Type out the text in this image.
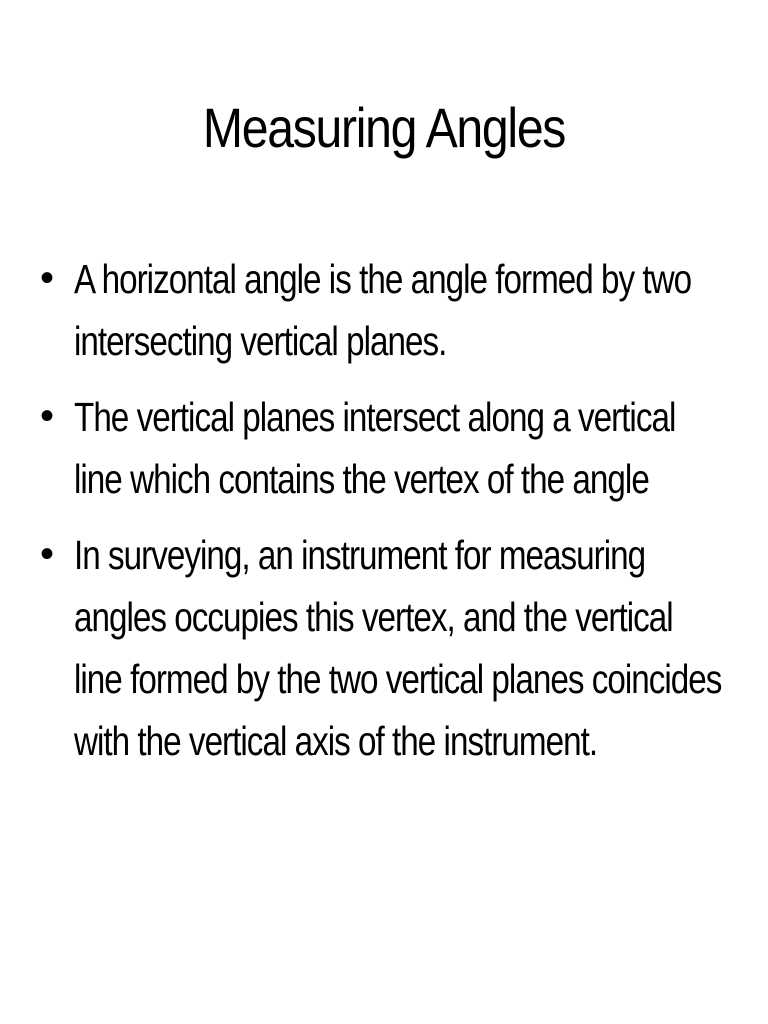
Measuring Angles
• A horizontal angle is the angle formed by two intersecting vertical planes.
• The vertical planes intersect along a vertical line which contains the vertex of the angle
• In surveying, an instrument for measuring angles occupies this vertex, and the vertical line formed by the two vertical planes coincides with the vertical axis of the instrument.
